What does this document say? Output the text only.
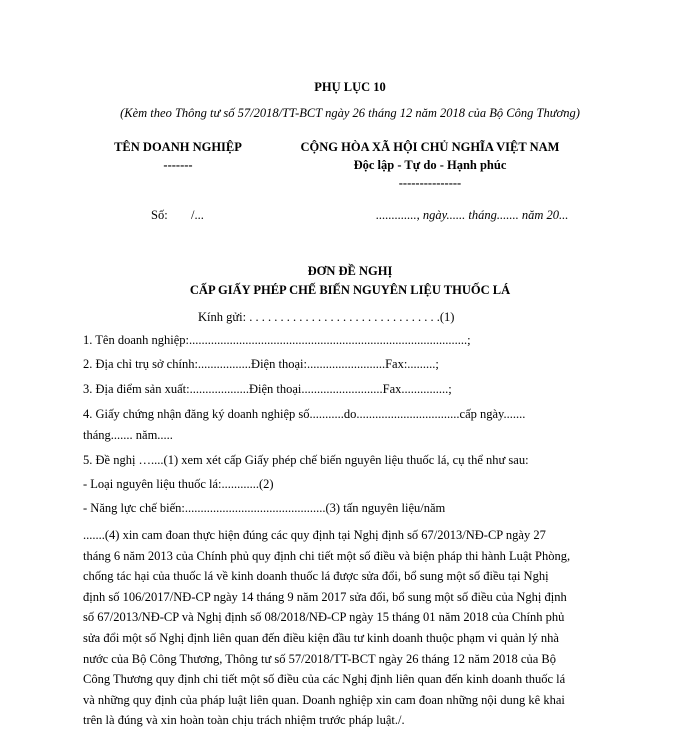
PHỤ LỤC 10
(Kèm theo Thông tư số 57/2018/TT-BCT ngày 26 tháng 12 năm 2018 của Bộ Công Thương)
TÊN DOANH NGHIỆP
-------
CỘNG HÒA XÃ HỘI CHỦ NGHĨA VIỆT NAM
Độc lập - Tự do - Hạnh phúc
---------------
Số: /...	............., ngày...... tháng....... năm 20...
ĐƠN ĐỀ NGHỊ
CẤP GIẤY PHÉP CHẾ BIẾN NGUYÊN LIỆU THUỐC LÁ
Kính gửi: . . . . . . . . . . . . . . . . . . . . . . . . . . . . . . .(1)
1. Tên doanh nghiệp:.........................................................................................;
2. Địa chỉ trụ sở chính:.................Điện thoại:.........................Fax:.........;
3. Địa điểm sản xuất:...................Điện thoại..........................Fax...............;
4. Giấy chứng nhận đăng ký doanh nghiệp số...........do.................................cấp ngày.......
tháng....... năm.....
5. Đề nghị …....(1) xem xét cấp Giấy phép chế biến nguyên liệu thuốc lá, cụ thể như sau:
- Loại nguyên liệu thuốc lá:............(2)
- Năng lực chế biến:.............................................(3) tấn nguyên liệu/năm
.......(4) xin cam đoan thực hiện đúng các quy định tại Nghị định số 67/2013/NĐ-CP ngày 27
tháng 6 năm 2013 của Chính phủ quy định chi tiết một số điều và biện pháp thi hành Luật Phòng,
chống tác hại của thuốc lá về kinh doanh thuốc lá được sửa đổi, bổ sung một số điều tại Nghị
định số 106/2017/NĐ-CP ngày 14 tháng 9 năm 2017 sửa đổi, bổ sung một số điều của Nghị định
số 67/2013/NĐ-CP và Nghị định số 08/2018/NĐ-CP ngày 15 tháng 01 năm 2018 của Chính phủ
sửa đổi một số Nghị định liên quan đến điều kiện đầu tư kinh doanh thuộc phạm vi quản lý nhà
nước của Bộ Công Thương, Thông tư số 57/2018/TT-BCT ngày 26 tháng 12 năm 2018 của Bộ
Công Thương quy định chi tiết một số điều của các Nghị định liên quan đến kinh doanh thuốc lá
và những quy định của pháp luật liên quan. Doanh nghiệp xin cam đoan những nội dung kê khai
trên là đúng và xin hoàn toàn chịu trách nhiệm trước pháp luật./.
